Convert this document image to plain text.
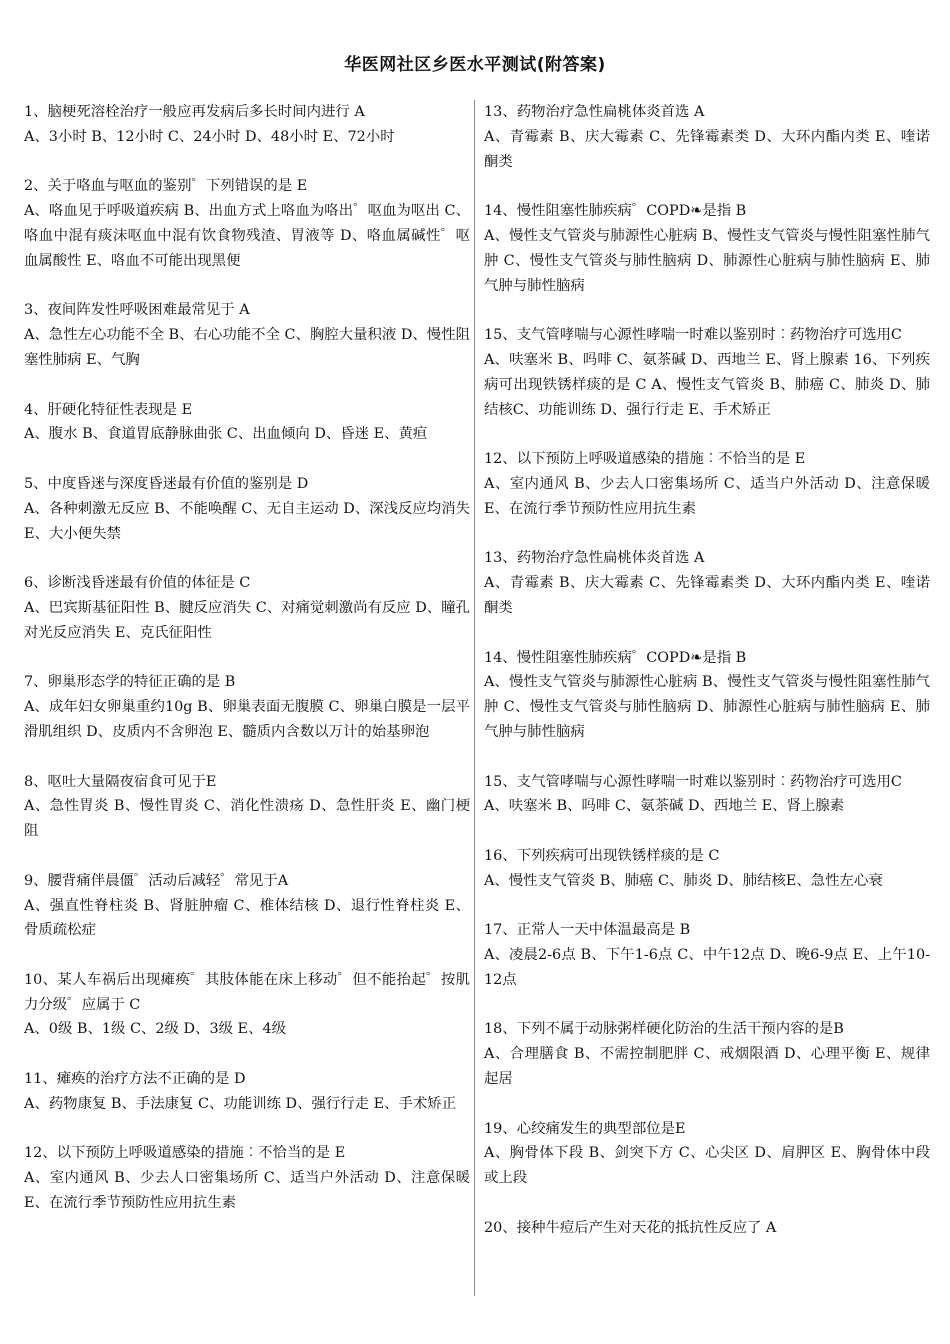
华医网社区乡医水平测试(附答案)

1、脑梗死溶栓治疗一般应再发病后多长时间内进行 A

A、3小时 B、12小时 C、24小时 D、48小时 E、72小时

2、关于咯血与呕血的鉴别゜下列错误的是 E

A、咯血见于呼吸道疾病 B、出血方式上咯血为咯出゜呕血为呕出 C、咯血中混有痰沫呕血中混有饮食物残渣、胃液等 D、咯血属碱性゜呕血属酸性 E、咯血不可能出现黑便

3、夜间阵发性呼吸困难最常见于 A

A、急性左心功能不全 B、右心功能不全 C、胸腔大量积液 D、慢性阻塞性肺病 E、气胸

4、肝硬化特征性表现是 E

A、腹水 B、食道胃底静脉曲张 C、出血倾向 D、昏迷 E、黄疸

5、中度昏迷与深度昏迷最有价值的鉴别是 D

A、各种刺激无反应 B、不能唤醒 C、无自主运动 D、深浅反应均消失 E、大小便失禁

6、诊断浅昏迷最有价值的体征是 C

A、巴宾斯基征阳性 B、腱反应消失 C、对痛觉刺激尚有反应 D、瞳孔对光反应消失 E、克氏征阳性

7、卵巢形态学的特征正确的是 B

A、成年妇女卵巢重约10g B、卵巢表面无腹膜 C、卵巢白膜是一层平滑肌组织 D、皮质内不含卵泡 E、髓质内含数以万计的始基卵泡

8、呕吐大量隔夜宿食可见于E

A、急性胃炎 B、慢性胃炎 C、消化性溃疡 D、急性肝炎 E、幽门梗阻

9、腰背痛伴晨僵゜活动后减轻゜常见于A

A、强直性脊柱炎 B、肾脏肿瘤 C、椎体结核 D、退行性脊柱炎 E、骨质疏松症

10、某人车祸后出现瘫痪゜其肢体能在床上移动゜但不能抬起゜按肌力分级゜应属于 C

A、0级 B、1级 C、2级 D、3级 E、4级

11、瘫痪的治疗方法不正确的是 D

A、药物康复 B、手法康复 C、功能训练 D、强行行走 E、手术矫正

12、以下预防上呼吸道感染的措施︰不恰当的是 E

A、室内通风 B、少去人口密集场所 C、适当户外活动 D、注意保暖 E、在流行季节预防性应用抗生素

13、药物治疗急性扁桃体炎首选 A

A、青霉素 B、庆大霉素 C、先锋霉素类 D、大环内酯内类 E、喹诺酮类

14、慢性阻塞性肺疾病゜COPD❧是指 B

A、慢性支气管炎与肺源性心脏病 B、慢性支气管炎与慢性阻塞性肺气肿 C、慢性支气管炎与肺性脑病 D、肺源性心脏病与肺性脑病 E、肺气肿与肺性脑病

15、支气管哮喘与心源性哮喘一时难以鉴别时︰药物治疗可选用C

A、呋塞米 B、吗啡 C、氨茶碱 D、西地兰 E、肾上腺素 16、下列疾病可出现铁锈样痰的是 C A、慢性支气管炎 B、肺癌 C、肺炎 D、肺结核C、功能训练 D、强行行走 E、手术矫正

12、以下预防上呼吸道感染的措施︰不恰当的是 E

A、室内通风 B、少去人口密集场所 C、适当户外活动 D、注意保暖 E、在流行季节预防性应用抗生素

13、药物治疗急性扁桃体炎首选 A

A、青霉素 B、庆大霉素 C、先锋霉素类 D、大环内酯内类 E、喹诺酮类

14、慢性阻塞性肺疾病゜COPD❧是指 B

A、慢性支气管炎与肺源性心脏病 B、慢性支气管炎与慢性阻塞性肺气肿 C、慢性支气管炎与肺性脑病 D、肺源性心脏病与肺性脑病 E、肺气肿与肺性脑病

15、支气管哮喘与心源性哮喘一时难以鉴别时︰药物治疗可选用C

A、呋塞米 B、吗啡 C、氨茶碱 D、西地兰 E、肾上腺素

16、下列疾病可出现铁锈样痰的是 C

A、慢性支气管炎 B、肺癌 C、肺炎 D、肺结核E、急性左心衰

17、正常人一天中体温最高是 B

A、凌晨2-6点 B、下午1-6点 C、中午12点 D、晚6-9点 E、上午10-12点

18、下列不属于动脉粥样硬化防治的生活干预内容的是B

A、合理膳食 B、不需控制肥胖 C、戒烟限酒 D、心理平衡 E、规律起居

19、心绞痛发生的典型部位是E

A、胸骨体下段 B、剑突下方 C、心尖区 D、肩胛区 E、胸骨体中段或上段

20、接种牛痘后产生对天花的抵抗性反应了 A
